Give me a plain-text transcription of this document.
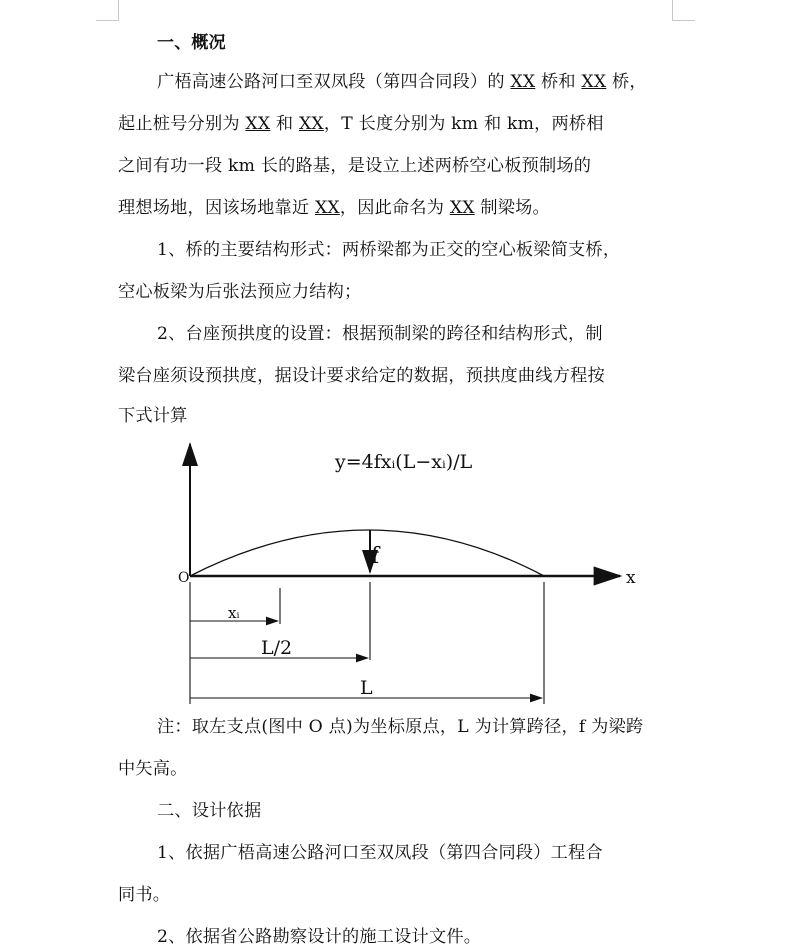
一、概况
广梧高速公路河口至双凤段（第四合同段）的 XX 桥和 XX 桥，
起止桩号分别为 XX 和 XX，T 长度分别为 km 和 km，两桥相
之间有功一段 km 长的路基，是设立上述两桥空心板预制场的
理想场地，因该场地靠近 XX，因此命名为 XX 制梁场。
1、桥的主要结构形式：两桥梁都为正交的空心板梁简支桥，
空心板梁为后张法预应力结构；
2、台座预拱度的设置：根据预制梁的跨径和结构形式，制
梁台座须设预拱度，据设计要求给定的数据，预拱度曲线方程按
下式计算
y=4fxᵢ(L−xᵢ)/L
O	x
f
xᵢ
L/2
L
注：取左支点(图中 O 点)为坐标原点，L 为计算跨径，f 为梁跨
中矢高。
二、设计依据
1、依据广梧高速公路河口至双凤段（第四合同段）工程合
同书。
2、依据省公路勘察设计的施工设计文件。
